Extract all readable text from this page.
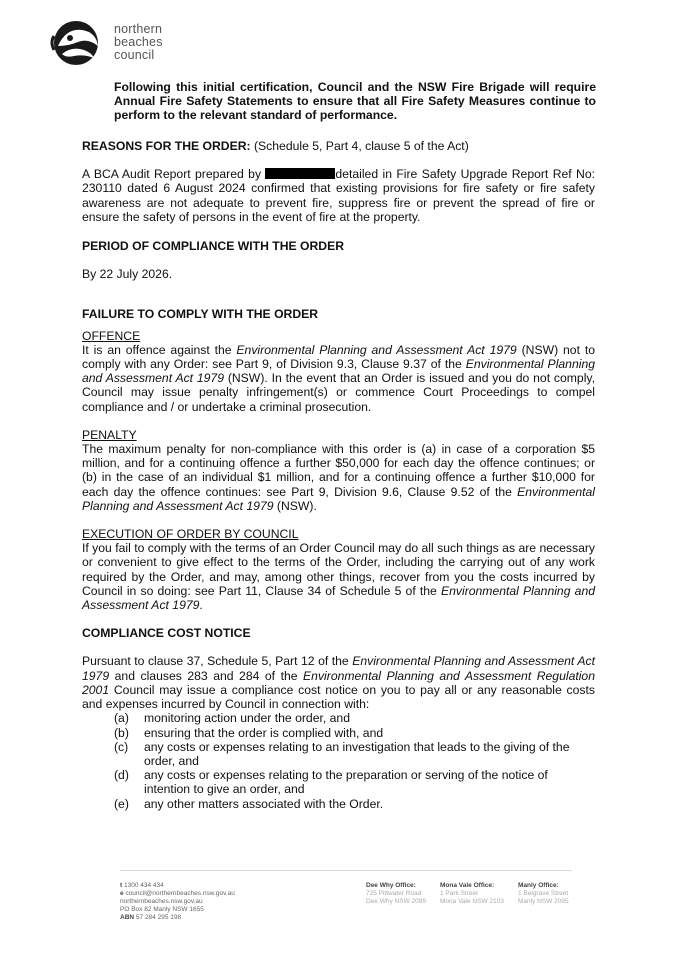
northern
beaches
council

Following this initial certification, Council and the NSW Fire Brigade will require Annual Fire Safety Statements to ensure that all Fire Safety Measures continue to perform to the relevant standard of performance.

REASONS FOR THE ORDER: (Schedule 5, Part 4, clause 5 of the Act)

A BCA Audit Report prepared by	detailed in Fire Safety Upgrade Report Ref No: 230110 dated 6 August 2024 confirmed that existing provisions for fire safety or fire safety awareness are not adequate to prevent fire, suppress fire or prevent the spread of fire or ensure the safety of persons in the event of fire at the property.

PERIOD OF COMPLIANCE WITH THE ORDER

By 22 July 2026.

FAILURE TO COMPLY WITH THE ORDER

OFFENCE

It is an offence against the Environmental Planning and Assessment Act 1979 (NSW) not to comply with any Order: see Part 9, of Division 9.3, Clause 9.37 of the Environmental Planning and Assessment Act 1979 (NSW). In the event that an Order is issued and you do not comply, Council may issue penalty infringement(s) or commence Court Proceedings to compel compliance and / or undertake a criminal prosecution.

PENALTY

The maximum penalty for non-compliance with this order is (a) in case of a corporation $5 million, and for a continuing offence a further $50,000 for each day the offence continues; or (b) in the case of an individual $1 million, and for a continuing offence a further $10,000 for each day the offence continues: see Part 9, Division 9.6, Clause 9.52 of the Environmental Planning and Assessment Act 1979 (NSW).

EXECUTION OF ORDER BY COUNCIL

If you fail to comply with the terms of an Order Council may do all such things as are necessary or convenient to give effect to the terms of the Order, including the carrying out of any work required by the Order, and may, among other things, recover from you the costs incurred by Council in so doing: see Part 11, Clause 34 of Schedule 5 of the Environmental Planning and Assessment Act 1979.

COMPLIANCE COST NOTICE

Pursuant to clause 37, Schedule 5, Part 12 of the Environmental Planning and Assessment Act 1979 and clauses 283 and 284 of the Environmental Planning and Assessment Regulation 2001 Council may issue a compliance cost notice on you to pay all or any reasonable costs and expenses incurred by Council in connection with:

(a) monitoring action under the order, and
(b) ensuring that the order is complied with, and
(c) any costs or expenses relating to an investigation that leads to the giving of the order, and
(d) any costs or expenses relating to the preparation or serving of the notice of intention to give an order, and
(e) any other matters associated with the Order.
t 1300 434 434
e council@northernbeaches.nsw.gov.au
northernbeaches.nsw.gov.au
PO Box 82 Manly NSW 1655
ABN 57 284 295 198
Dee Why Office:
725 Pittwater Road
Dee Why NSW 2099
Mona Vale Office:
1 Park Street
Mona Vale NSW 2103
Manly Office:
1 Belgrave Street
Manly NSW 2095
